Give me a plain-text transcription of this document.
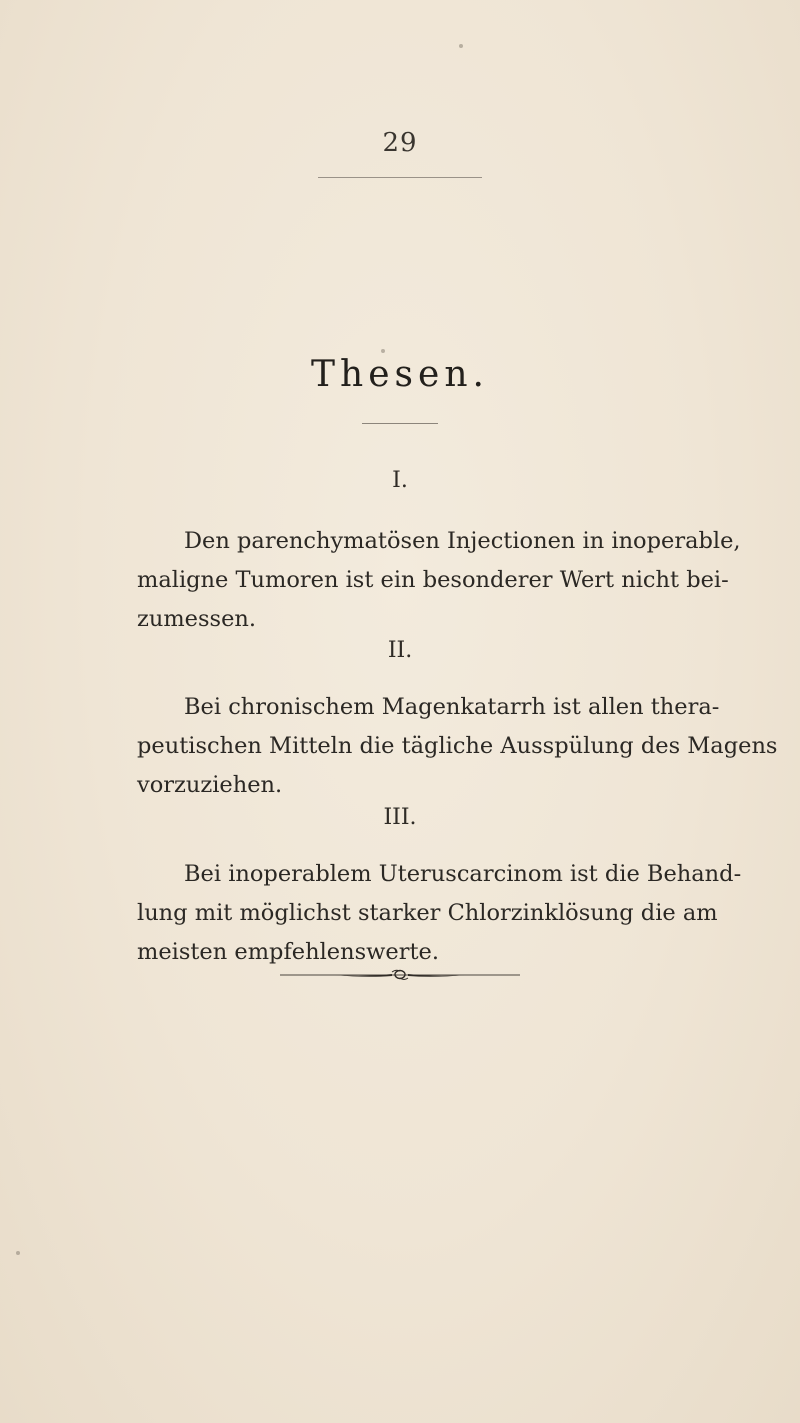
29
Thesen.
I.
Den parenchymatösen Injectionen in inoperable,
maligne Tumoren ist ein besonderer Wert nicht bei-
zumessen.
II.
Bei chronischem Magenkatarrh ist allen thera-
peutischen Mitteln die tägliche Ausspülung des Magens
vorzuziehen.
III.
Bei inoperablem Uteruscarcinom ist die Behand-
lung mit möglichst starker Chlorzinklösung die am
meisten empfehlenswerte.
